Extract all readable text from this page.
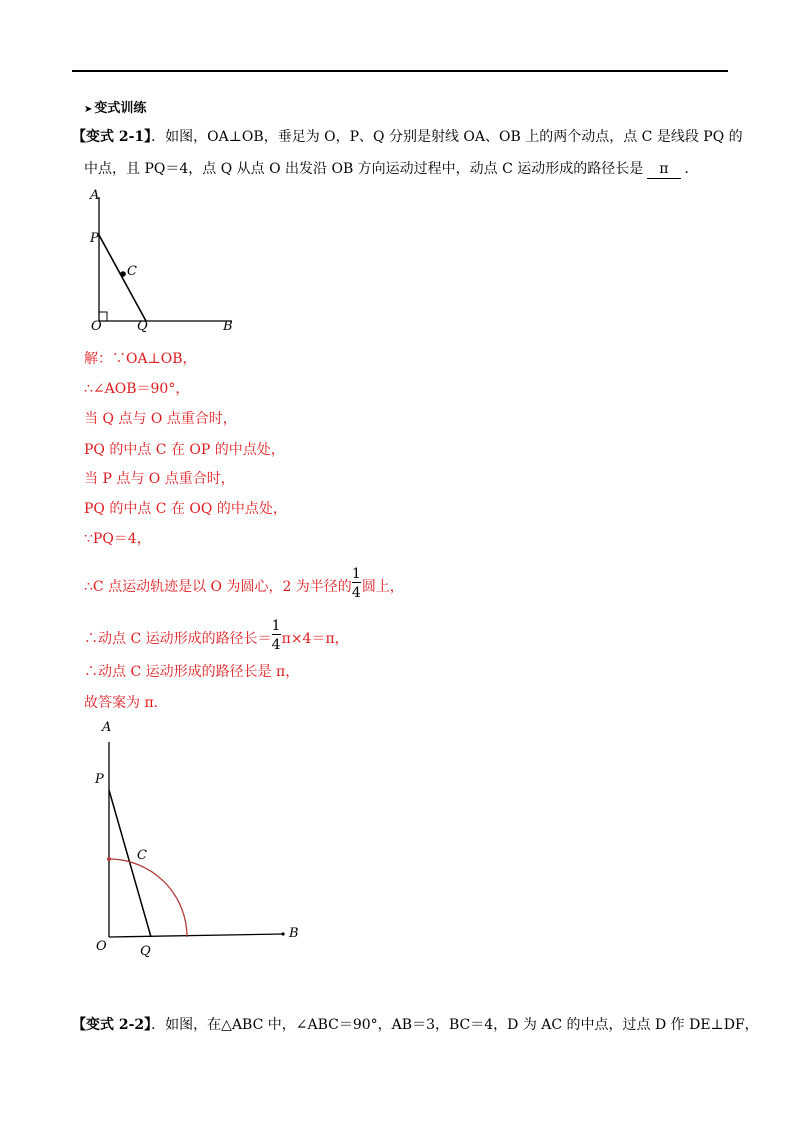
➤ 变式训练
【变式 2-1】．如图，OA⊥OB，垂足为 O，P、Q 分别是射线 OA、OB 上的两个动点，点 C 是线段 PQ 的
中点，且 PQ＝4，点 Q 从点 O 出发沿 OB 方向运动过程中，动点 C 运动形成的路径长是 π ．
A
P
C
O	Q	B
解：∵OA⊥OB，
∴∠AOB＝90°，
当 Q 点与 O 点重合时，
PQ 的中点 C 在 OP 的中点处，
当 P 点与 O 点重合时，
PQ 的中点 C 在 OQ 的中点处，
∵PQ＝4，
∴C 点运动轨迹是以 O 为圆心，2 为半径的
$\frac{1}{4}$
圆上，
∴动点 C 运动形成的路径长＝
$\frac{1}{4}$
π×4＝π，
∴动点 C 运动形成的路径长是 π，
故答案为 π.
A
P
C
O	Q
B
【变式 2-2】．如图，在△ABC 中，∠ABC＝90°，AB＝3，BC＝4，D 为 AC 的中点，过点 D 作 DE⊥DF，
